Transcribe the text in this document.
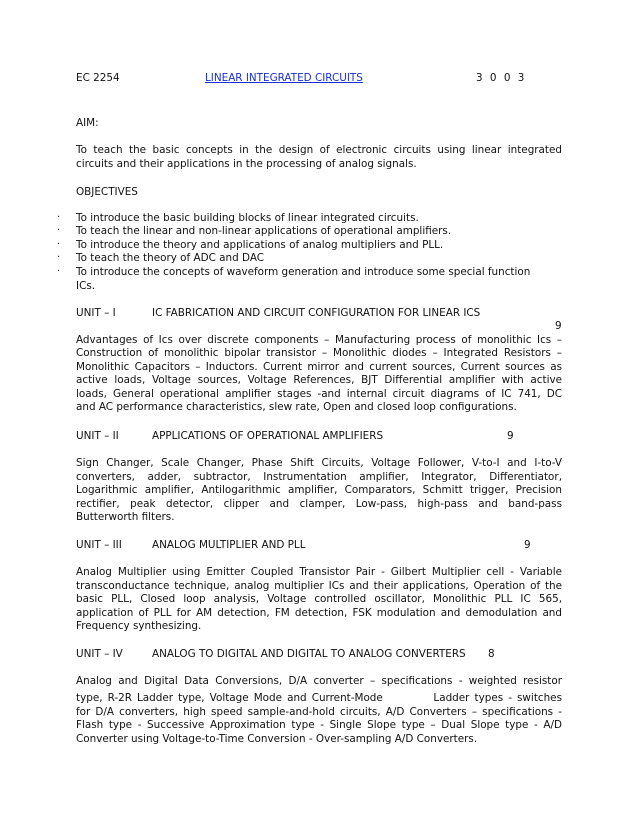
EC 2254	LINEAR INTEGRATED CIRCUITS	3 0 0 3
AIM:
To teach the basic concepts in the design of electronic circuits using linear integrated
circuits and their applications in the processing of analog signals.
OBJECTIVES
· To introduce the basic building blocks of linear integrated circuits.
· To teach the linear and non-linear applications of operational amplifiers.
· To introduce the theory and applications of analog multipliers and PLL.
· To teach the theory of ADC and DAC
· To introduce the concepts of waveform generation and introduce some special function
ICs.
UNIT – I	IC FABRICATION AND CIRCUIT CONFIGURATION FOR LINEAR ICS
9
Advantages of Ics over discrete components – Manufacturing process of monolithic Ics –
Construction of monolithic bipolar transistor – Monolithic diodes – Integrated Resistors –
Monolithic Capacitors – Inductors. Current mirror and current sources, Current sources as
active loads, Voltage sources, Voltage References, BJT Differential amplifier with active
loads, General operational amplifier stages -and internal circuit diagrams of IC 741, DC
and AC performance characteristics, slew rate, Open and closed loop configurations.
UNIT – II	APPLICATIONS OF OPERATIONAL AMPLIFIERS	9
Sign Changer, Scale Changer, Phase Shift Circuits, Voltage Follower, V-to-I and I-to-V
converters, adder, subtractor, Instrumentation amplifier, Integrator, Differentiator,
Logarithmic amplifier, Antilogarithmic amplifier, Comparators, Schmitt trigger, Precision
rectifier, peak detector, clipper and clamper, Low-pass, high-pass and band-pass
Butterworth filters.
UNIT – III	ANALOG MULTIPLIER AND PLL	9
Analog Multiplier using Emitter Coupled Transistor Pair - Gilbert Multiplier cell - Variable
transconductance technique, analog multiplier ICs and their applications, Operation of the
basic PLL, Closed loop analysis, Voltage controlled oscillator, Monolithic PLL IC 565,
application of PLL for AM detection, FM detection, FSK modulation and demodulation and
Frequency synthesizing.
UNIT – IV	ANALOG TO DIGITAL AND DIGITAL TO ANALOG CONVERTERS 8
Analog and Digital Data Conversions, D/A converter – specifications - weighted resistor
type, R-2R Ladder type, Voltage Mode and Current-Mode          Ladder types - switches
for D/A converters, high speed sample-and-hold circuits, A/D Converters – specifications -
Flash type - Successive Approximation type - Single Slope type – Dual Slope type - A/D
Converter using Voltage-to-Time Conversion - Over-sampling A/D Converters.
